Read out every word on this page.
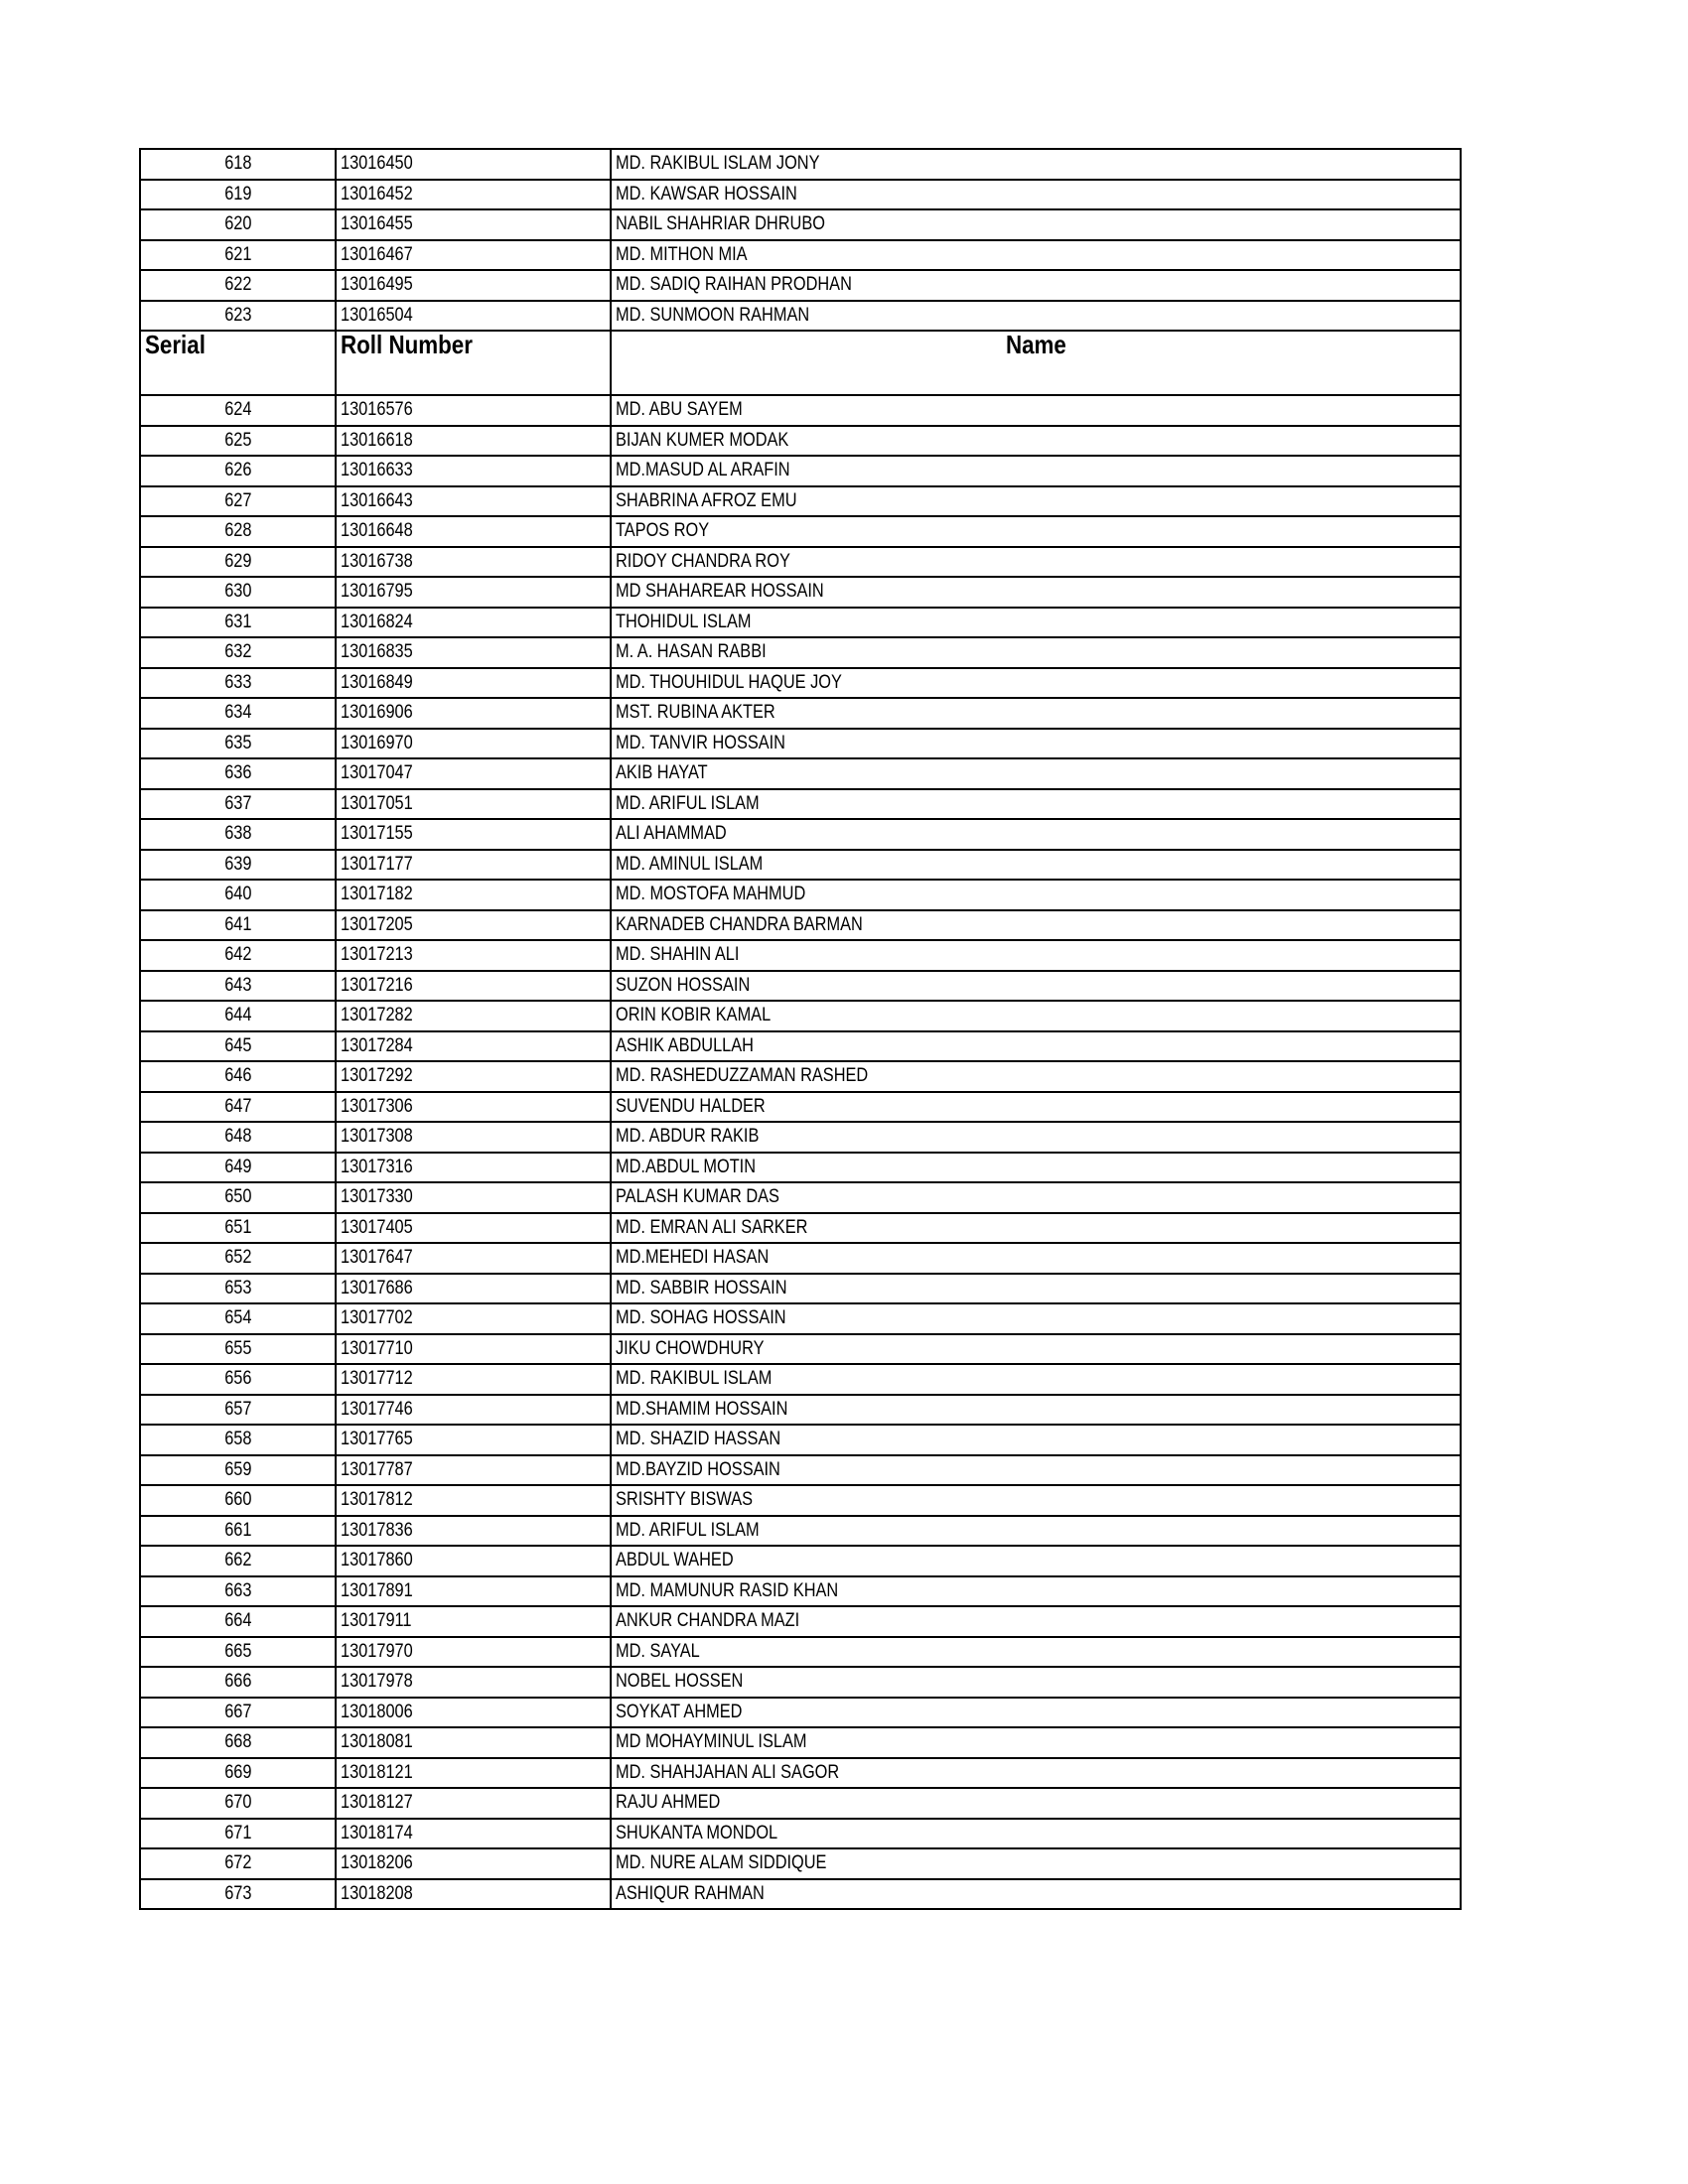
618	13016450	MD. RAKIBUL ISLAM JONY
619	13016452	MD. KAWSAR HOSSAIN
620	13016455	NABIL SHAHRIAR DHRUBO
621	13016467	MD. MITHON MIA
622	13016495	MD. SADIQ RAIHAN PRODHAN
623	13016504	MD. SUNMOON RAHMAN
Serial	Roll Number	Name
624	13016576	MD. ABU SAYEM
625	13016618	BIJAN KUMER MODAK
626	13016633	MD.MASUD AL ARAFIN
627	13016643	SHABRINA AFROZ EMU
628	13016648	TAPOS ROY
629	13016738	RIDOY CHANDRA ROY
630	13016795	MD SHAHAREAR HOSSAIN
631	13016824	THOHIDUL ISLAM
632	13016835	M. A. HASAN RABBI
633	13016849	MD. THOUHIDUL HAQUE JOY
634	13016906	MST. RUBINA AKTER
635	13016970	MD. TANVIR HOSSAIN
636	13017047	AKIB HAYAT
637	13017051	MD. ARIFUL ISLAM
638	13017155	ALI AHAMMAD
639	13017177	MD. AMINUL ISLAM
640	13017182	MD. MOSTOFA MAHMUD
641	13017205	KARNADEB CHANDRA BARMAN
642	13017213	MD. SHAHIN ALI
643	13017216	SUZON HOSSAIN
644	13017282	ORIN KOBIR KAMAL
645	13017284	ASHIK ABDULLAH
646	13017292	MD. RASHEDUZZAMAN RASHED
647	13017306	SUVENDU HALDER
648	13017308	MD. ABDUR RAKIB
649	13017316	MD.ABDUL MOTIN
650	13017330	PALASH KUMAR DAS
651	13017405	MD. EMRAN ALI SARKER
652	13017647	MD.MEHEDI HASAN
653	13017686	MD. SABBIR HOSSAIN
654	13017702	MD. SOHAG HOSSAIN
655	13017710	JIKU CHOWDHURY
656	13017712	MD. RAKIBUL ISLAM
657	13017746	MD.SHAMIM HOSSAIN
658	13017765	MD. SHAZID HASSAN
659	13017787	MD.BAYZID HOSSAIN
660	13017812	SRISHTY BISWAS
661	13017836	MD. ARIFUL ISLAM
662	13017860	ABDUL WAHED
663	13017891	MD. MAMUNUR RASID KHAN
664	13017911	ANKUR CHANDRA MAZI
665	13017970	MD. SAYAL
666	13017978	NOBEL HOSSEN
667	13018006	SOYKAT AHMED
668	13018081	MD MOHAYMINUL ISLAM
669	13018121	MD. SHAHJAHAN ALI SAGOR
670	13018127	RAJU AHMED
671	13018174	SHUKANTA MONDOL
672	13018206	MD. NURE ALAM SIDDIQUE
673	13018208	ASHIQUR RAHMAN
